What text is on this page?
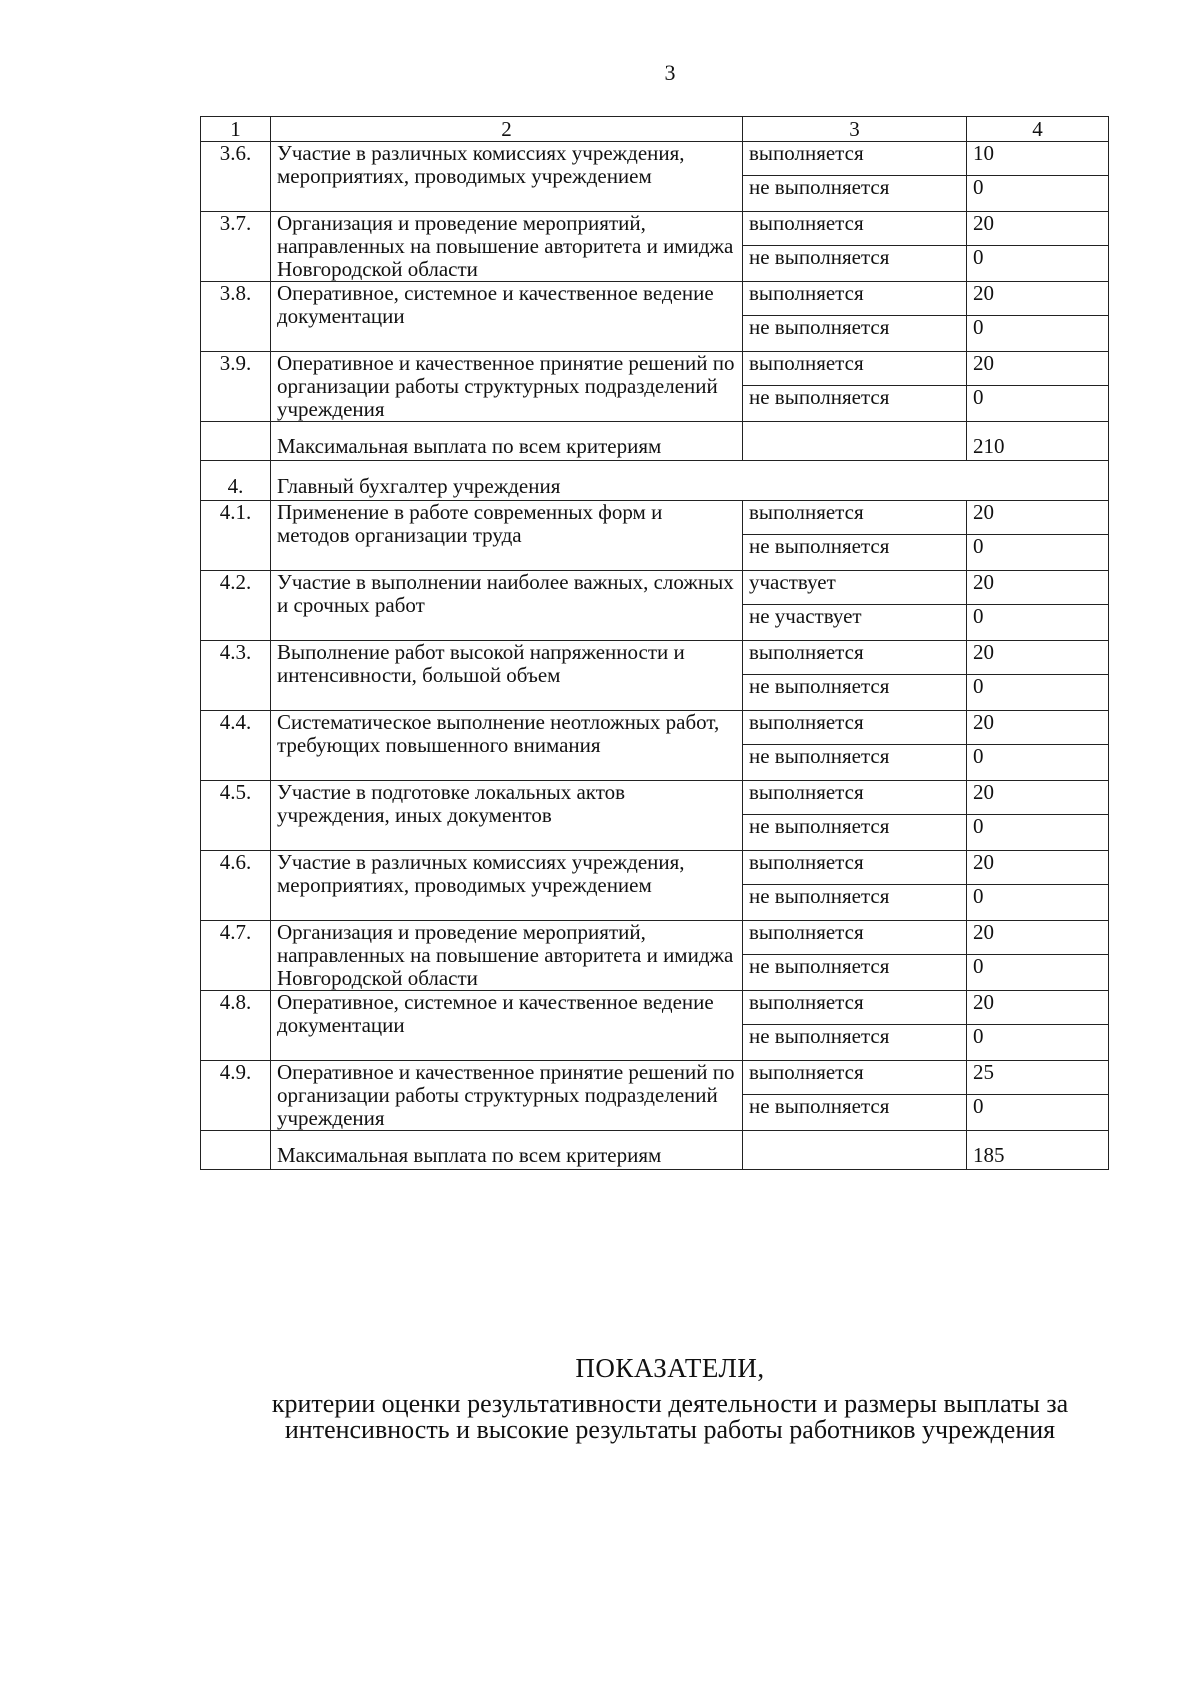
3
1	2	3	4
3.6.	Участие в различных комиссиях учреждения, мероприятиях, проводимых учреждением	выполняется	10
		не выполняется	0
3.7.	Организация и проведение мероприятий, направленных на повышение авторитета и имиджа Новгородской области	выполняется	20
		не выполняется	0
3.8.	Оперативное, системное и качественное ведение документации	выполняется	20
		не выполняется	0
3.9.	Оперативное и качественное принятие решений по организации работы структурных подразделений учреждения	выполняется	20
		не выполняется	0
	Максимальная выплата по всем критериям		210
4.	Главный бухгалтер учреждения		
4.1.	Применение в работе современных форм и методов организации труда	выполняется	20
		не выполняется	0
4.2.	Участие в выполнении наиболее важных, сложных и срочных работ	участвует	20
		не участвует	0
4.3.	Выполнение работ высокой напряженности и интенсивности, большой объем	выполняется	20
		не выполняется	0
4.4.	Систематическое выполнение неотложных работ, требующих повышенного внимания	выполняется	20
		не выполняется	0
4.5.	Участие в подготовке локальных актов учреждения, иных документов	выполняется	20
		не выполняется	0
4.6.	Участие в различных комиссиях учреждения, мероприятиях, проводимых учреждением	выполняется	20
		не выполняется	0
4.7.	Организация и проведение мероприятий, направленных на повышение авторитета и имиджа Новгородской области	выполняется	20
		не выполняется	0
4.8.	Оперативное, системное и качественное ведение документации	выполняется	20
		не выполняется	0
4.9.	Оперативное и качественное принятие решений по организации работы структурных подразделений учреждения	выполняется	25
		не выполняется	0
	Максимальная выплата по всем критериям		185
ПОКАЗАТЕЛИ,
критерии оценки результативности деятельности и размеры выплаты за интенсивность и высокие результаты работы работников учреждения
